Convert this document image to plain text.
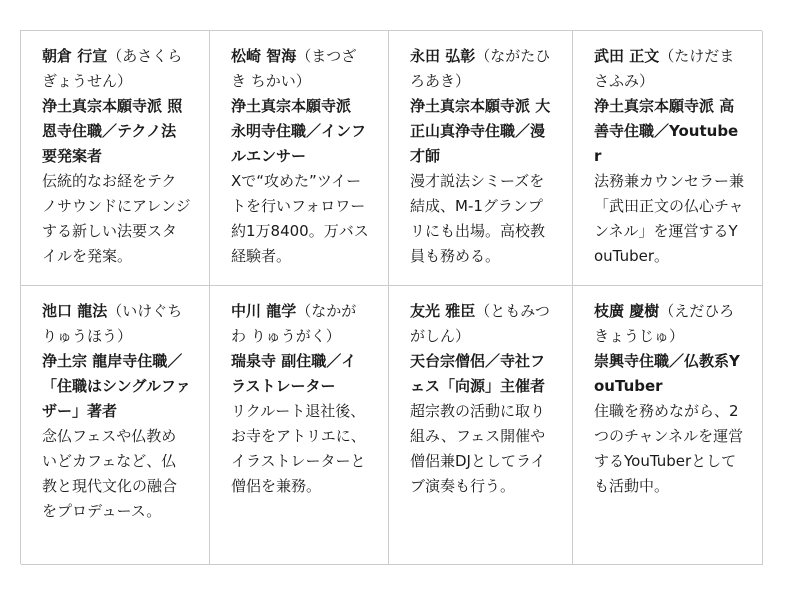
朝倉 行宣（あさくら ぎょうせん）

浄土真宗本願寺派 照恩寺住職／テクノ法要発案者

伝統的なお経をテクノサウンドにアレンジする新しい法要スタイルを発案。

松崎 智海（まつざき ちかい）

浄土真宗本願寺派 永明寺住職／インフルエンサー

Xで“攻めた”ツイートを行いフォロワー約1万8400。万バス経験者。

永田 弘彰（ながたひろあき）

浄土真宗本願寺派 大正山真浄寺住職／漫才師

漫才説法シミーズを結成、M-1グランプリにも出場。高校教員も務める。

武田 正文（たけだまさふみ）

浄土真宗本願寺派 高善寺住職／Youtuber

法務兼カウンセラー兼「武田正文の仏心チャンネル」を運営するYouTuber。

池口 龍法（いけぐち りゅうほう）

浄土宗 龍岸寺住職／「住職はシングルファザー」著者

念仏フェスや仏教めいどカフェなど、仏教と現代文化の融合をプロデュース。

中川 龍学（なかがわ りゅうがく）

瑞泉寺 副住職／イラストレーター

リクルート退社後、お寺をアトリエに、イラストレーターと僧侶を兼務。

友光 雅臣（ともみつ がしん）

天台宗僧侶／寺社フェス「向源」主催者

超宗教の活動に取り組み、フェス開催や僧侶兼DJとしてライブ演奏も行う。

枝廣 慶樹（えだひろ きょうじゅ）

崇興寺住職／仏教系YouTuber

住職を務めながら、2つのチャンネルを運営するYouTuberとしても活動中。
